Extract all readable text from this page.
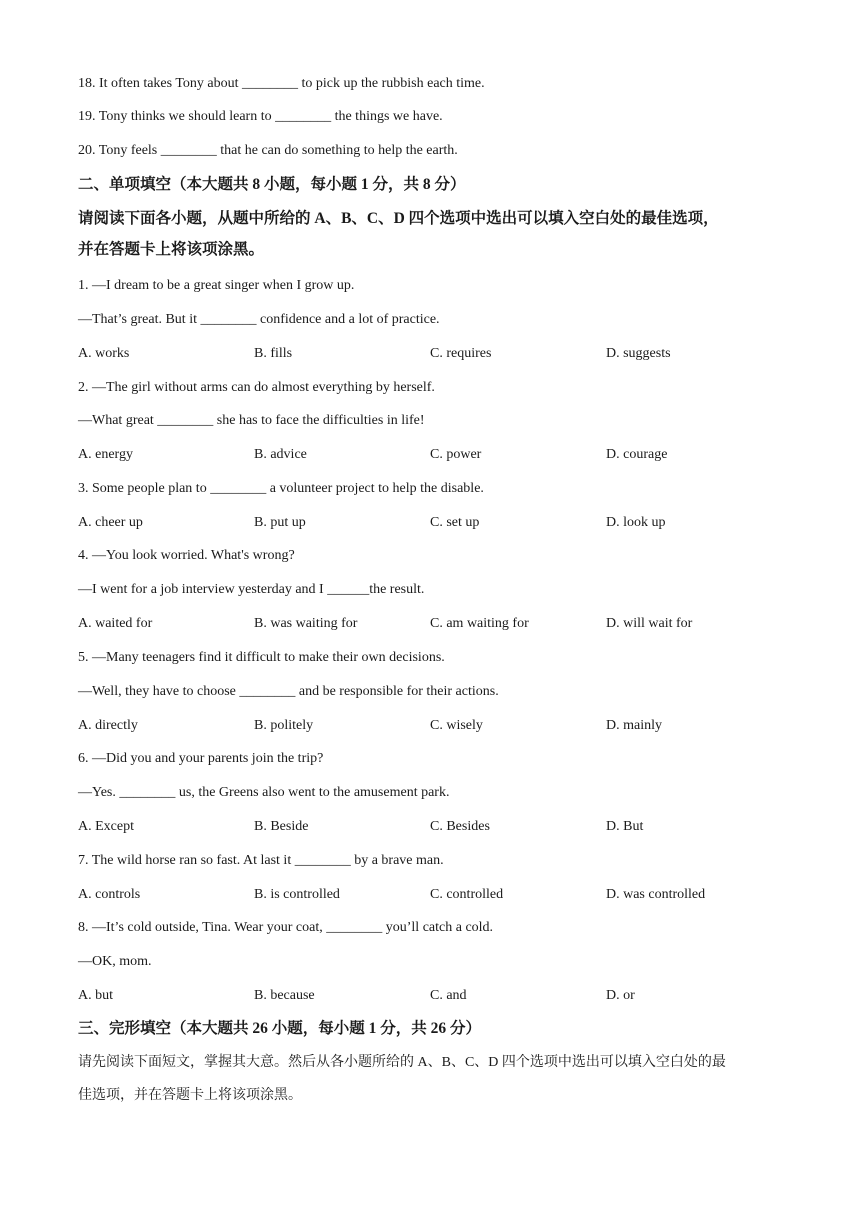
18. It often takes Tony about ________ to pick up the rubbish each time.
19. Tony thinks we should learn to ________ the things we have.
20. Tony feels ________ that he can do something to help the earth.
二、单项填空（本大题共 8 小题，每小题 1 分，共 8 分）
请阅读下面各小题，从题中所给的 A、B、C、D 四个选项中选出可以填入空白处的最佳选项，
并在答题卡上将该项涂黑。
1. —I dream to be a great singer when I grow up.
—That’s great. But it ________ confidence and a lot of practice.
A. works	B. fills	C. requires	D. suggests
2. —The girl without arms can do almost everything by herself.
—What great ________ she has to face the difficulties in life!
A. energy	B. advice	C. power	D. courage
3. Some people plan to ________ a volunteer project to help the disable.
A. cheer up	B. put up	C. set up	D. look up
4. —You look worried. What's wrong?
—I went for a job interview yesterday and I ______the result.
A. waited for	B. was waiting for	C. am waiting for	D. will wait for
5. —Many teenagers find it difficult to make their own decisions.
—Well, they have to choose ________ and be responsible for their actions.
A. directly	B. politely	C. wisely	D. mainly
6. —Did you and your parents join the trip?
—Yes. ________ us, the Greens also went to the amusement park.
A. Except	B. Beside	C. Besides	D. But
7. The wild horse ran so fast. At last it ________ by a brave man.
A. controls	B. is controlled	C. controlled	D. was controlled
8. —It’s cold outside, Tina. Wear your coat, ________ you’ll catch a cold.
—OK, mom.
A. but	B. because	C. and	D. or
三、完形填空（本大题共 26 小题，每小题 1 分，共 26 分）
请先阅读下面短文，掌握其大意。然后从各小题所给的 A、B、C、D 四个选项中选出可以填入空白处的最
佳选项，并在答题卡上将该项涂黑。
